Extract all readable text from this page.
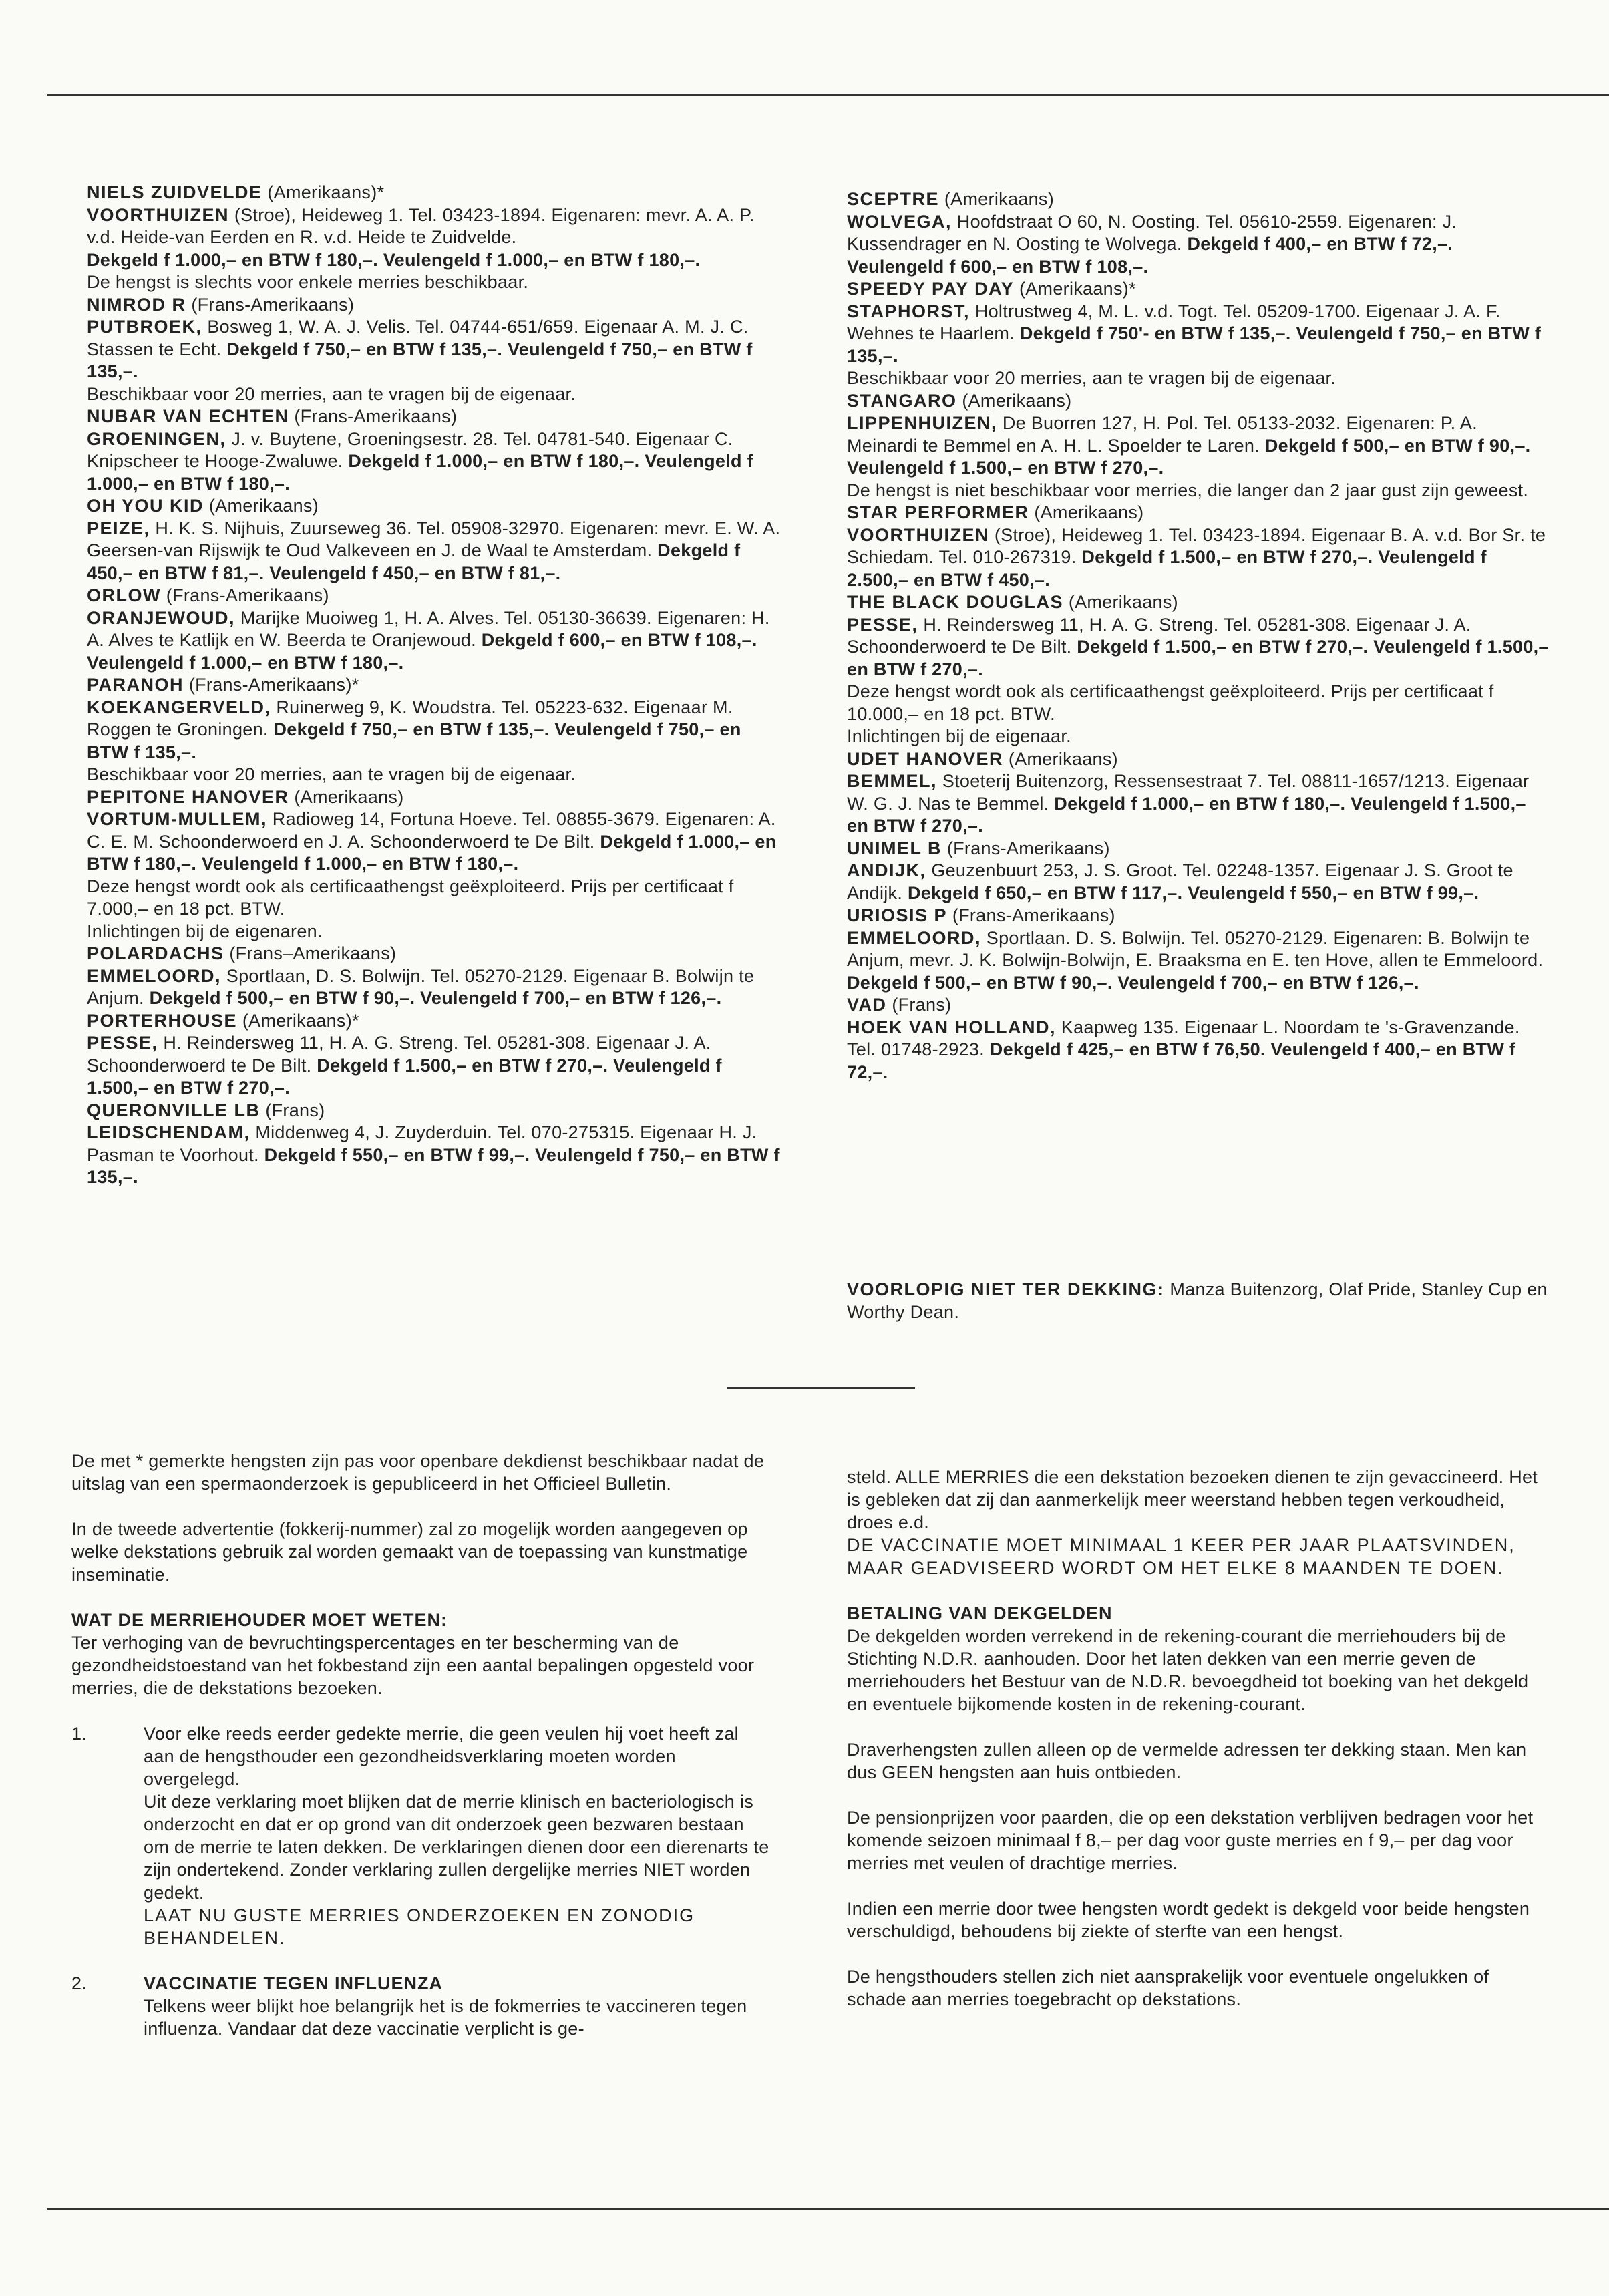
NIELS ZUIDVELDE (Amerikaans)*

VOORTHUIZEN (Stroe), Heideweg 1. Tel. 03423-1894. Eigenaren: mevr. A. A. P. v.d. Heide-van Eerden en R. v.d. Heide te Zuidvelde.

Dekgeld f 1.000,– en BTW f 180,–. Veulengeld f 1.000,– en BTW f 180,–.

De hengst is slechts voor enkele merries beschikbaar.

NIMROD R (Frans-Amerikaans)

PUTBROEK, Bosweg 1, W. A. J. Velis. Tel. 04744-651/659. Eigenaar A. M. J. C. Stassen te Echt. Dekgeld f 750,– en BTW f 135,–. Veulengeld f 750,– en BTW f 135,–.

Beschikbaar voor 20 merries, aan te vragen bij de eigenaar.

NUBAR VAN ECHTEN (Frans-Amerikaans)

GROENINGEN, J. v. Buytene, Groeningsestr. 28. Tel. 04781-540. Eigenaar C. Knipscheer te Hooge-Zwaluwe. Dekgeld f 1.000,– en BTW f 180,–. Veulengeld f 1.000,– en BTW f 180,–.

OH YOU KID (Amerikaans)

PEIZE, H. K. S. Nijhuis, Zuurseweg 36. Tel. 05908-32970. Eigenaren: mevr. E. W. A. Geersen-van Rijswijk te Oud Valkeveen en J. de Waal te Amsterdam. Dekgeld f 450,– en BTW f 81,–. Veulengeld f 450,– en BTW f 81,–.

ORLOW (Frans-Amerikaans)

ORANJEWOUD, Marijke Muoiweg 1, H. A. Alves. Tel. 05130-36639. Eigenaren: H. A. Alves te Katlijk en W. Beerda te Oranjewoud. Dekgeld f 600,– en BTW f 108,–. Veulengeld f 1.000,– en BTW f 180,–.

PARANOH (Frans-Amerikaans)*

KOEKANGERVELD, Ruinerweg 9, K. Woudstra. Tel. 05223-632. Eigenaar M. Roggen te Groningen. Dekgeld f 750,– en BTW f 135,–. Veulengeld f 750,– en BTW f 135,–.

Beschikbaar voor 20 merries, aan te vragen bij de eigenaar.

PEPITONE HANOVER (Amerikaans)

VORTUM-MULLEM, Radioweg 14, Fortuna Hoeve. Tel. 08855-3679. Eigenaren: A. C. E. M. Schoonderwoerd en J. A. Schoonderwoerd te De Bilt. Dekgeld f 1.000,– en BTW f 180,–. Veulengeld f 1.000,– en BTW f 180,–.

Deze hengst wordt ook als certificaathengst geëxploiteerd. Prijs per certificaat f 7.000,– en 18 pct. BTW.

Inlichtingen bij de eigenaren.

POLARDACHS (Frans–Amerikaans)

EMMELOORD, Sportlaan, D. S. Bolwijn. Tel. 05270-2129. Eigenaar B. Bolwijn te Anjum. Dekgeld f 500,– en BTW f 90,–. Veulengeld f 700,– en BTW f 126,–.

PORTERHOUSE (Amerikaans)*

PESSE, H. Reindersweg 11, H. A. G. Streng. Tel. 05281-308. Eigenaar J. A. Schoonderwoerd te De Bilt. Dekgeld f 1.500,– en BTW f 270,–. Veulengeld f 1.500,– en BTW f 270,–.

QUERONVILLE LB (Frans)

LEIDSCHENDAM, Middenweg 4, J. Zuyderduin. Tel. 070-275315. Eigenaar H. J. Pasman te Voorhout. Dekgeld f 550,– en BTW f 99,–. Veulengeld f 750,– en BTW f 135,–.

SCEPTRE (Amerikaans)

WOLVEGA, Hoofdstraat O 60, N. Oosting. Tel. 05610-2559. Eigenaren: J. Kussendrager en N. Oosting te Wolvega. Dekgeld f 400,– en BTW f 72,–. Veulengeld f 600,– en BTW f 108,–.

SPEEDY PAY DAY (Amerikaans)*

STAPHORST, Holtrustweg 4, M. L. v.d. Togt. Tel. 05209-1700. Eigenaar J. A. F. Wehnes te Haarlem. Dekgeld f 750'- en BTW f 135,–. Veulengeld f 750,– en BTW f 135,–.

Beschikbaar voor 20 merries, aan te vragen bij de eigenaar.

STANGARO (Amerikaans)

LIPPENHUIZEN, De Buorren 127, H. Pol. Tel. 05133-2032. Eigenaren: P. A. Meinardi te Bemmel en A. H. L. Spoelder te Laren. Dekgeld f 500,– en BTW f 90,–. Veulengeld f 1.500,– en BTW f 270,–.

De hengst is niet beschikbaar voor merries, die langer dan 2 jaar gust zijn geweest.

STAR PERFORMER (Amerikaans)

VOORTHUIZEN (Stroe), Heideweg 1. Tel. 03423-1894. Eigenaar B. A. v.d. Bor Sr. te Schiedam. Tel. 010-267319. Dekgeld f 1.500,– en BTW f 270,–. Veulengeld f 2.500,– en BTW f 450,–.

THE BLACK DOUGLAS (Amerikaans)

PESSE, H. Reindersweg 11, H. A. G. Streng. Tel. 05281-308. Eigenaar J. A. Schoonderwoerd te De Bilt. Dekgeld f 1.500,– en BTW f 270,–. Veulengeld f 1.500,– en BTW f 270,–.

Deze hengst wordt ook als certificaathengst geëxploiteerd. Prijs per certificaat f 10.000,– en 18 pct. BTW.

Inlichtingen bij de eigenaar.

UDET HANOVER (Amerikaans)

BEMMEL, Stoeterij Buitenzorg, Ressensestraat 7. Tel. 08811-1657/1213. Eigenaar W. G. J. Nas te Bemmel. Dekgeld f 1.000,– en BTW f 180,–. Veulengeld f 1.500,– en BTW f 270,–.

UNIMEL B (Frans-Amerikaans)

ANDIJK, Geuzenbuurt 253, J. S. Groot. Tel. 02248-1357. Eigenaar J. S. Groot te Andijk. Dekgeld f 650,– en BTW f 117,–. Veulengeld f 550,– en BTW f 99,–.

URIOSIS P (Frans-Amerikaans)

EMMELOORD, Sportlaan. D. S. Bolwijn. Tel. 05270-2129. Eigenaren: B. Bolwijn te Anjum, mevr. J. K. Bolwijn-Bolwijn, E. Braaksma en E. ten Hove, allen te Emmeloord. Dekgeld f 500,– en BTW f 90,–. Veulengeld f 700,– en BTW f 126,–.

VAD (Frans)

HOEK VAN HOLLAND, Kaapweg 135. Eigenaar L. Noordam te 's-Gravenzande. Tel. 01748-2923. Dekgeld f 425,– en BTW f 76,50. Veulengeld f 400,– en BTW f 72,–.

VOORLOPIG NIET TER DEKKING: Manza Buitenzorg, Olaf Pride, Stanley Cup en Worthy Dean.

De met * gemerkte hengsten zijn pas voor openbare dekdienst beschikbaar nadat de uitslag van een spermaonderzoek is gepubliceerd in het Officieel Bulletin.

In de tweede advertentie (fokkerij-nummer) zal zo mogelijk worden aangegeven op welke dekstations gebruik zal worden gemaakt van de toepassing van kunstmatige inseminatie.

WAT DE MERRIEHOUDER MOET WETEN:

Ter verhoging van de bevruchtingspercentages en ter bescherming van de gezondheidstoestand van het fokbestand zijn een aantal bepalingen opgesteld voor merries, die de dekstations bezoeken.

1.	Voor elke reeds eerder gedekte merrie, die geen veulen hij voet heeft zal aan de hengsthouder een gezondheidsverklaring moeten worden overgelegd.

Uit deze verklaring moet blijken dat de merrie klinisch en bacteriologisch is onderzocht en dat er op grond van dit onderzoek geen bezwaren bestaan om de merrie te laten dekken. De verklaringen dienen door een dierenarts te zijn ondertekend. Zonder verklaring zullen dergelijke merries NIET worden gedekt.

LAAT NU GUSTE MERRIES ONDERZOEKEN EN ZONODIG BEHANDELEN.

2.	VACCINATIE TEGEN INFLUENZA

Telkens weer blijkt hoe belangrijk het is de fokmerries te vaccineren tegen influenza. Vandaar dat deze vaccinatie verplicht is ge-

steld. ALLE MERRIES die een dekstation bezoeken dienen te zijn gevaccineerd. Het is gebleken dat zij dan aanmerkelijk meer weerstand hebben tegen verkoudheid, droes e.d.

DE VACCINATIE MOET MINIMAAL 1 KEER PER JAAR PLAATSVINDEN, MAAR GEADVISEERD WORDT OM HET ELKE 8 MAANDEN TE DOEN.

BETALING VAN DEKGELDEN

De dekgelden worden verrekend in de rekening-courant die merriehouders bij de Stichting N.D.R. aanhouden. Door het laten dekken van een merrie geven de merriehouders het Bestuur van de N.D.R. bevoegdheid tot boeking van het dekgeld en eventuele bijkomende kosten in de rekening-courant.

Draverhengsten zullen alleen op de vermelde adressen ter dekking staan. Men kan dus GEEN hengsten aan huis ontbieden.

De pensionprijzen voor paarden, die op een dekstation verblijven bedragen voor het komende seizoen minimaal f 8,– per dag voor guste merries en f 9,– per dag voor merries met veulen of drachtige merries.

Indien een merrie door twee hengsten wordt gedekt is dekgeld voor beide hengsten verschuldigd, behoudens bij ziekte of sterfte van een hengst.

De hengsthouders stellen zich niet aansprakelijk voor eventuele ongelukken of schade aan merries toegebracht op dekstations.
